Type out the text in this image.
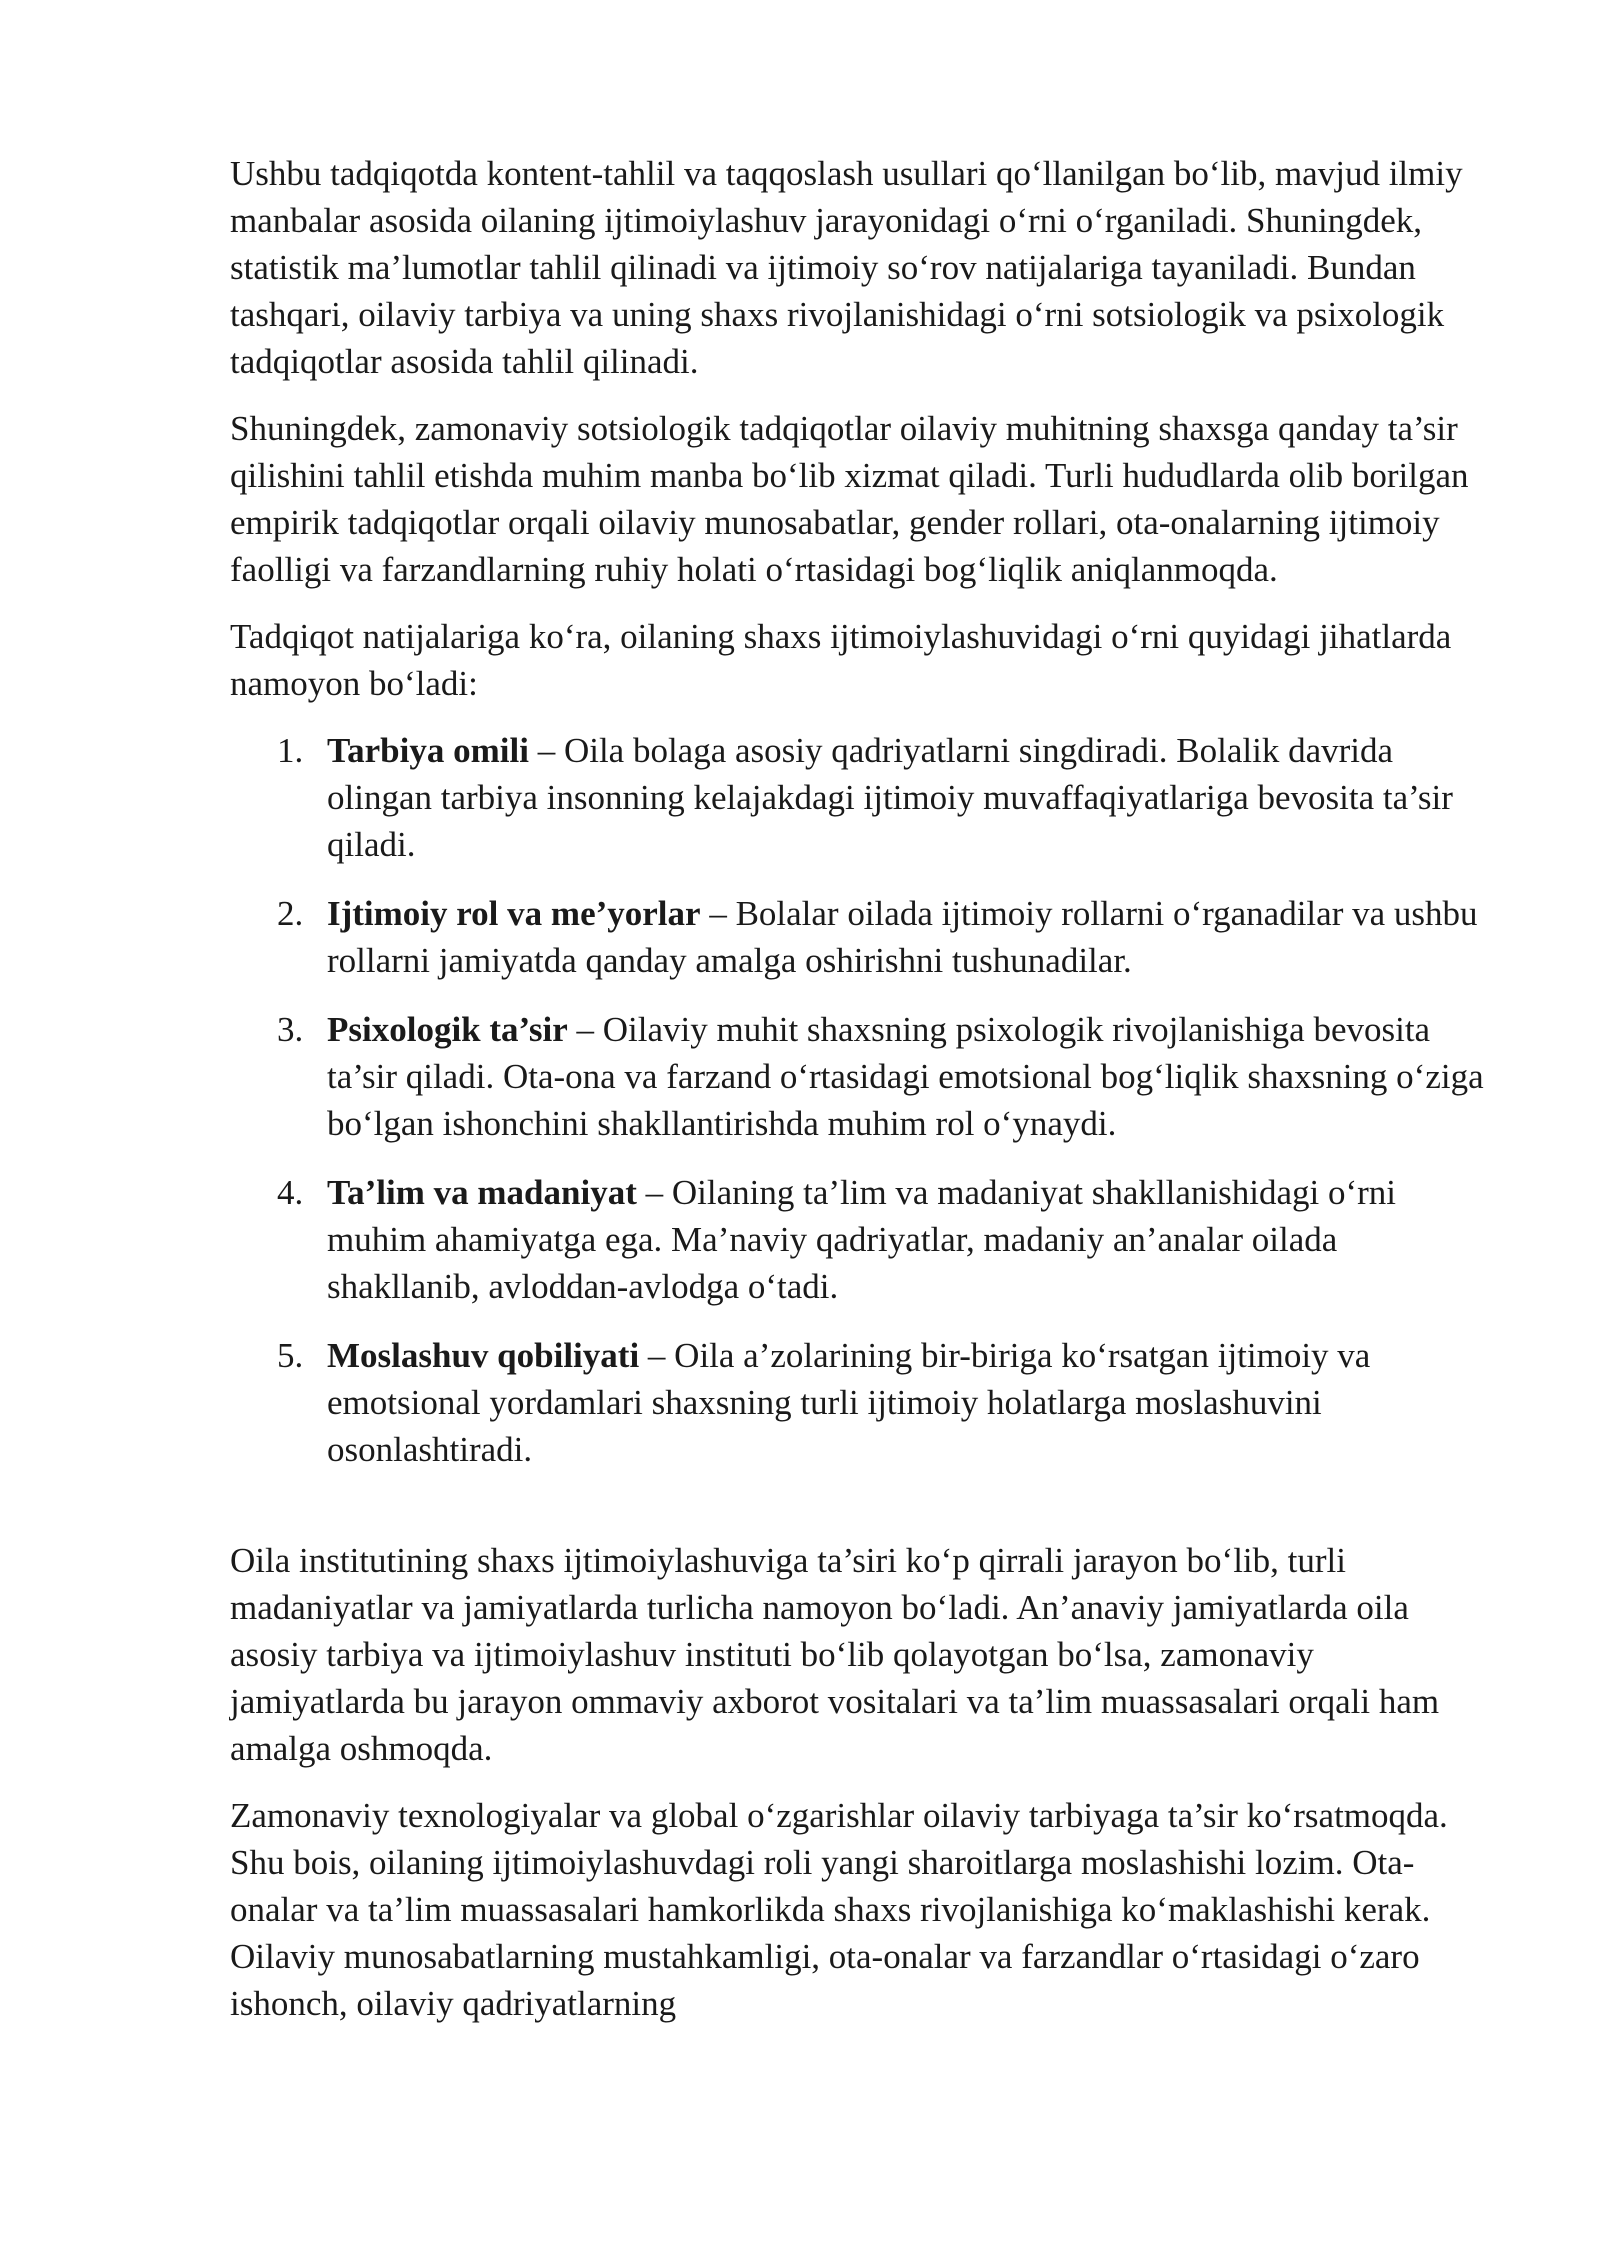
Ushbu tadqiqotda kontent-tahlil va taqqoslash usullari qo‘llanilgan bo‘lib, mavjud ilmiy manbalar asosida oilaning ijtimoiylashuv jarayonidagi o‘rni o‘rganiladi. Shuningdek, statistik ma’lumotlar tahlil qilinadi va ijtimoiy so‘rov natijalariga tayaniladi. Bundan tashqari, oilaviy tarbiya va uning shaxs rivojlanishidagi o‘rni sotsiologik va psixologik tadqiqotlar asosida tahlil qilinadi.

Shuningdek, zamonaviy sotsiologik tadqiqotlar oilaviy muhitning shaxsga qanday ta’sir qilishini tahlil etishda muhim manba bo‘lib xizmat qiladi. Turli hududlarda olib borilgan empirik tadqiqotlar orqali oilaviy munosabatlar, gender rollari, ota-onalarning ijtimoiy faolligi va farzandlarning ruhiy holati o‘rtasidagi bog‘liqlik aniqlanmoqda.

Tadqiqot natijalariga ko‘ra, oilaning shaxs ijtimoiylashuvidagi o‘rni quyidagi jihatlarda namoyon bo‘ladi:

1. Tarbiya omili – Oila bolaga asosiy qadriyatlarni singdiradi. Bolalik davrida olingan tarbiya insonning kelajakdagi ijtimoiy muvaffaqiyatlariga bevosita ta’sir qiladi.
2. Ijtimoiy rol va me’yorlar – Bolalar oilada ijtimoiy rollarni o‘rganadilar va ushbu rollarni jamiyatda qanday amalga oshirishni tushunadilar.
3. Psixologik ta’sir – Oilaviy muhit shaxsning psixologik rivojlanishiga bevosita ta’sir qiladi. Ota-ona va farzand o‘rtasidagi emotsional bog‘liqlik shaxsning o‘ziga bo‘lgan ishonchini shakllantirishda muhim rol o‘ynaydi.
4. Ta’lim va madaniyat – Oilaning ta’lim va madaniyat shakllanishidagi o‘rni muhim ahamiyatga ega. Ma’naviy qadriyatlar, madaniy an’analar oilada shakllanib, avloddan-avlodga o‘tadi.
5. Moslashuv qobiliyati – Oila a’zolarining bir-biriga ko‘rsatgan ijtimoiy va emotsional yordamlari shaxsning turli ijtimoiy holatlarga moslashuvini osonlashtiradi.

Oila institutining shaxs ijtimoiylashuviga ta’siri ko‘p qirrali jarayon bo‘lib, turli madaniyatlar va jamiyatlarda turlicha namoyon bo‘ladi. An’anaviy jamiyatlarda oila asosiy tarbiya va ijtimoiylashuv instituti bo‘lib qolayotgan bo‘lsa, zamonaviy jamiyatlarda bu jarayon ommaviy axborot vositalari va ta’lim muassasalari orqali ham amalga oshmoqda.

Zamonaviy texnologiyalar va global o‘zgarishlar oilaviy tarbiyaga ta’sir ko‘rsatmoqda. Shu bois, oilaning ijtimoiylashuvdagi roli yangi sharoitlarga moslashishi lozim. Ota-onalar va ta’lim muassasalari hamkorlikda shaxs rivojlanishiga ko‘maklashishi kerak. Oilaviy munosabatlarning mustahkamligi, ota-onalar va farzandlar o‘rtasidagi o‘zaro ishonch, oilaviy qadriyatlarning
